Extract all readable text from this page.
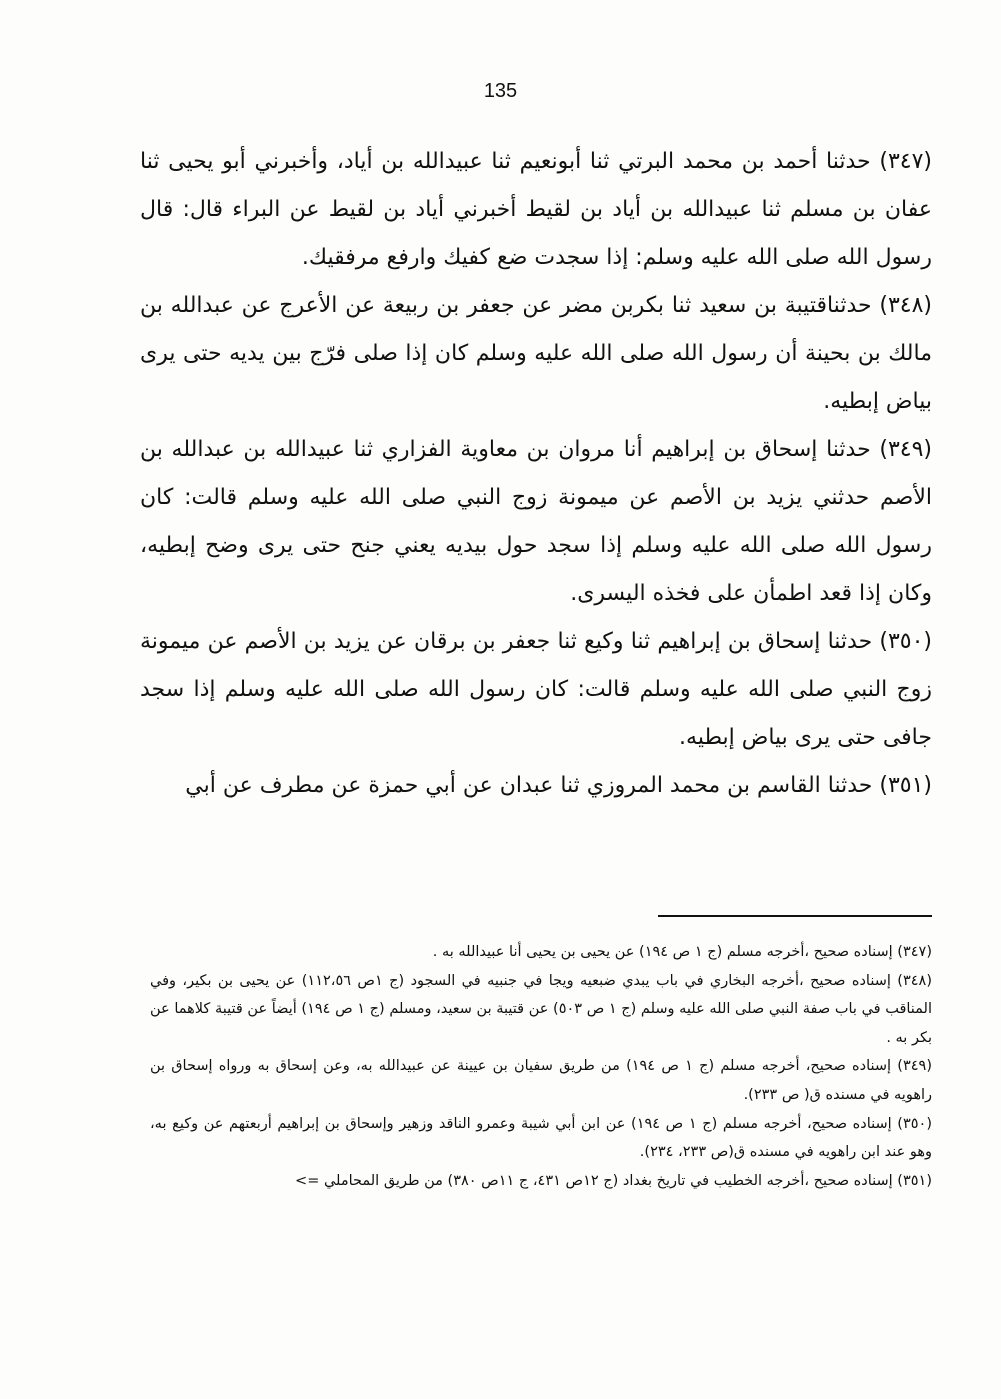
135

(٣٤٧) حدثنا أحمد بن محمد البرتي ثنا أبونعيم ثنا عبيدالله بن أياد، وأخبرني أبو يحيى ثنا عفان بن مسلم ثنا عبيدالله بن أياد بن لقيط أخبرني أياد بن لقيط عن البراء قال: قال رسول الله صلى الله عليه وسلم: إذا سجدت ضع كفيك وارفع مرفقيك.

(٣٤٨) حدثناقتيبة بن سعيد ثنا بكربن مضر عن جعفر بن ربيعة عن الأعرج عن عبدالله بن مالك بن بحينة أن رسول الله صلى الله عليه وسلم كان إذا صلى فرّج بين يديه حتى يرى بياض إبطيه.

(٣٤٩) حدثنا إسحاق بن إبراهيم أنا مروان بن معاوية الفزاري ثنا عبيدالله بن عبدالله بن الأصم حدثني يزيد بن الأصم عن ميمونة زوج النبي صلى الله عليه وسلم قالت: كان رسول الله صلى الله عليه وسلم إذا سجد حول بيديه يعني جنح حتى يرى وضح إبطيه، وكان إذا قعد اطمأن على فخذه اليسرى.

(٣٥٠) حدثنا إسحاق بن إبراهيم ثنا وكيع ثنا جعفر بن برقان عن يزيد بن الأصم عن ميمونة زوج النبي صلى الله عليه وسلم قالت: كان رسول الله صلى الله عليه وسلم إذا سجد جافى حتى يرى بياض إبطيه.

(٣٥١) حدثنا القاسم بن محمد المروزي ثنا عبدان عن أبي حمزة عن مطرف عن أبي

(٣٤٧) إسناده صحيح ،أخرجه مسلم (ج ١ ص ١٩٤) عن يحيى بن يحيى أنا عبيدالله به .

(٣٤٨) إسناده صحيح ،أخرجه البخاري في باب يبدي ضبعيه ويجا في جنبيه في السجود (ج ١ص ١١٢،٥٦) عن يحيى بن بكير، وفي المناقب في باب صفة النبي صلى الله عليه وسلم (ج ١ ص ٥٠٣) عن قتيبة بن سعيد، ومسلم (ج ١ ص ١٩٤) أيضاً عن قتيبة كلاهما عن بكر به .

(٣٤٩) إسناده صحيح، أخرجه مسلم (ج ١ ص ١٩٤) من طريق سفيان بن عيينة عن عبيدالله به، وعن إسحاق به ورواه إسحاق بن راهويه في مسنده ق( ص ٢٣٣).

(٣٥٠) إسناده صحيح، أخرجه مسلم (ج ١ ص ١٩٤) عن ابن أبي شيبة وعمرو الناقد وزهير وإسحاق بن إبراهيم أربعتهم عن وكيع به، وهو عند ابن راهويه في مسنده ق(ص ٢٣٣، ٢٣٤).

(٣٥١) إسناده صحيح ،أخرجه الخطيب في تاريخ بغداد (ج ١٢ص ٤٣١، ج ١١ص ٣٨٠) من طريق المحاملي =>
